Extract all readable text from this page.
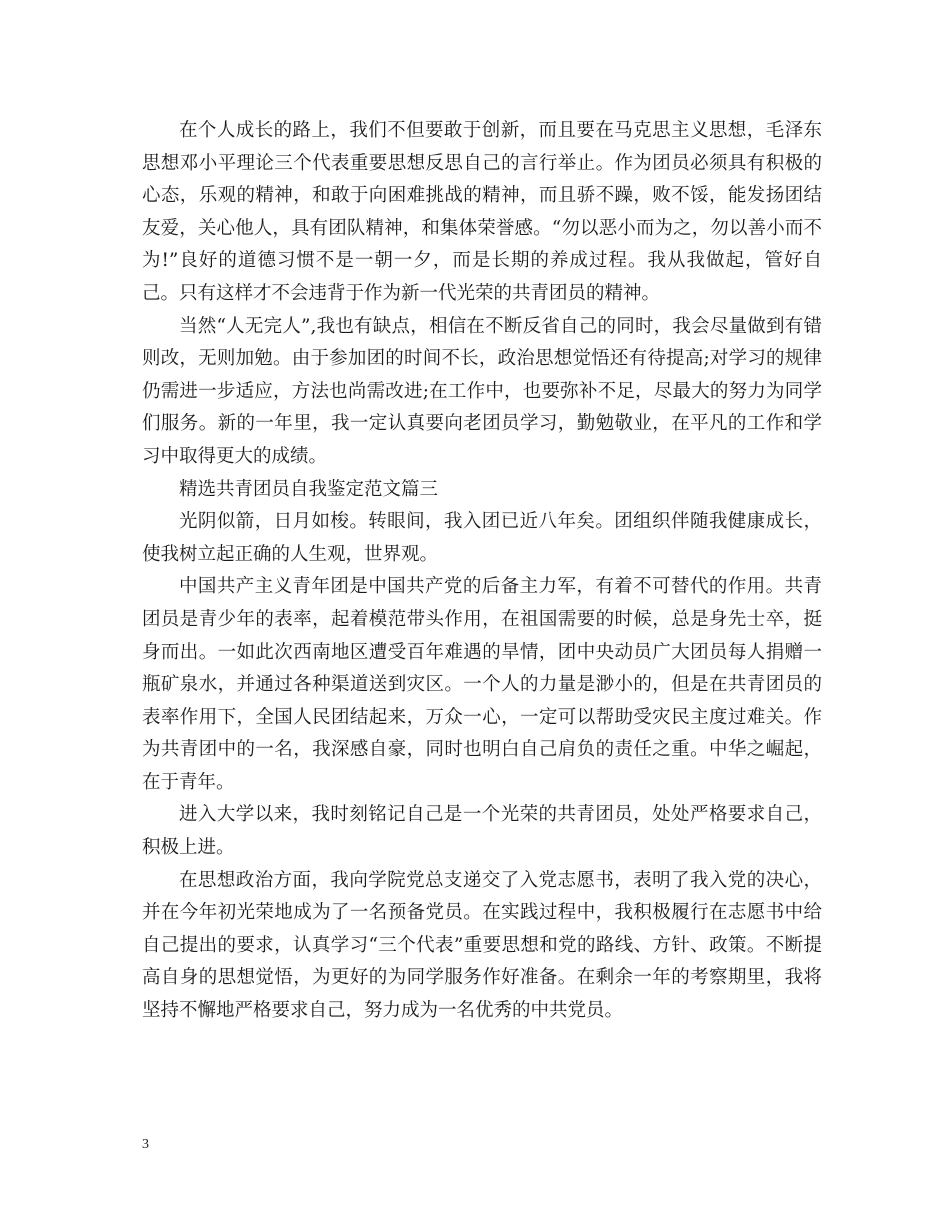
在个人成长的路上，我们不但要敢于创新，而且要在马克思主义思想，毛泽东思想邓小平理论三个代表重要思想反思自己的言行举止。作为团员必须具有积极的心态，乐观的精神，和敢于向困难挑战的精神，而且骄不躁，败不馁，能发扬团结友爱，关心他人，具有团队精神，和集体荣誉感。“勿以恶小而为之，勿以善小而不为!”良好的道德习惯不是一朝一夕，而是长期的养成过程。我从我做起，管好自己。只有这样才不会违背于作为新一代光荣的共青团员的精神。

当然“人无完人”,我也有缺点，相信在不断反省自己的同时，我会尽量做到有错则改，无则加勉。由于参加团的时间不长，政治思想觉悟还有待提高;对学习的规律仍需进一步适应，方法也尚需改进;在工作中，也要弥补不足，尽最大的努力为同学们服务。新的一年里，我一定认真要向老团员学习，勤勉敬业，在平凡的工作和学习中取得更大的成绩。

精选共青团员自我鉴定范文篇三

光阴似箭，日月如梭。转眼间，我入团已近八年矣。团组织伴随我健康成长，使我树立起正确的人生观，世界观。

中国共产主义青年团是中国共产党的后备主力军，有着不可替代的作用。共青团员是青少年的表率，起着模范带头作用，在祖国需要的时候，总是身先士卒，挺身而出。一如此次西南地区遭受百年难遇的旱情，团中央动员广大团员每人捐赠一瓶矿泉水，并通过各种渠道送到灾区。一个人的力量是渺小的，但是在共青团员的表率作用下，全国人民团结起来，万众一心，一定可以帮助受灾民主度过难关。作为共青团中的一名，我深感自豪，同时也明白自己肩负的责任之重。中华之崛起，在于青年。

进入大学以来，我时刻铭记自己是一个光荣的共青团员，处处严格要求自己，积极上进。

在思想政治方面，我向学院党总支递交了入党志愿书，表明了我入党的决心，并在今年初光荣地成为了一名预备党员。在实践过程中，我积极履行在志愿书中给自己提出的要求，认真学习“三个代表”重要思想和党的路线、方针、政策。不断提高自身的思想觉悟，为更好的为同学服务作好准备。在剩余一年的考察期里，我将坚持不懈地严格要求自己，努力成为一名优秀的中共党员。

3
